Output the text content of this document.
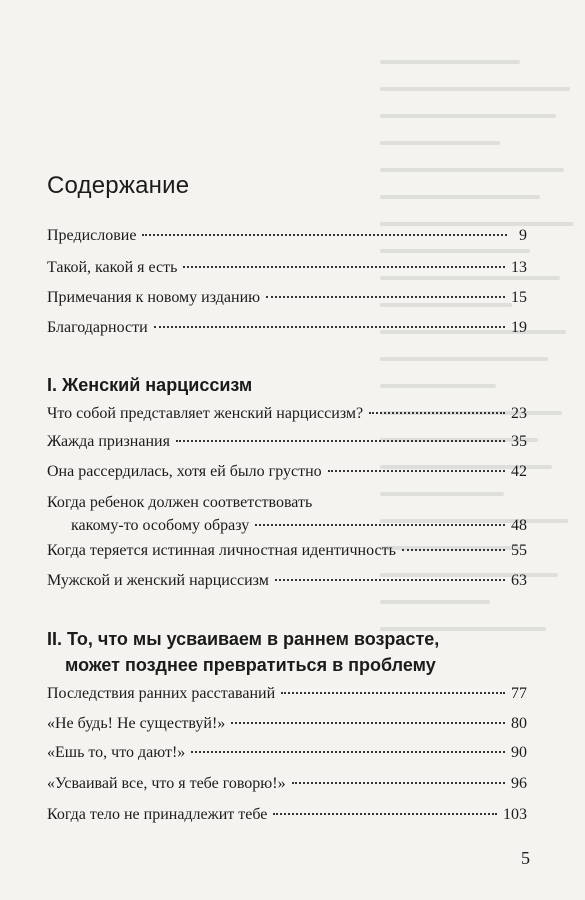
Содержание
Предисловие	9
Такой, какой я есть	13
Примечания к новому изданию	15
Благодарности	19
I. Женский нарциссизм
Что собой представляет женский нарциссизм?	23
Жажда признания	35
Она рассердилась, хотя ей было грустно	42
Когда ребенок должен соответствовать
какому-то особому образу	48
Когда теряется истинная личностная идентичность	55
Мужской и женский нарциссизм	63
II. То, что мы усваиваем в раннем возрасте,
может позднее превратиться в проблему
Последствия ранних расставаний	77
«Не будь! Не существуй!»	80
«Ешь то, что дают!»	90
«Усваивай все, что я тебе говорю!»	96
Когда тело не принадлежит тебе	103
5
